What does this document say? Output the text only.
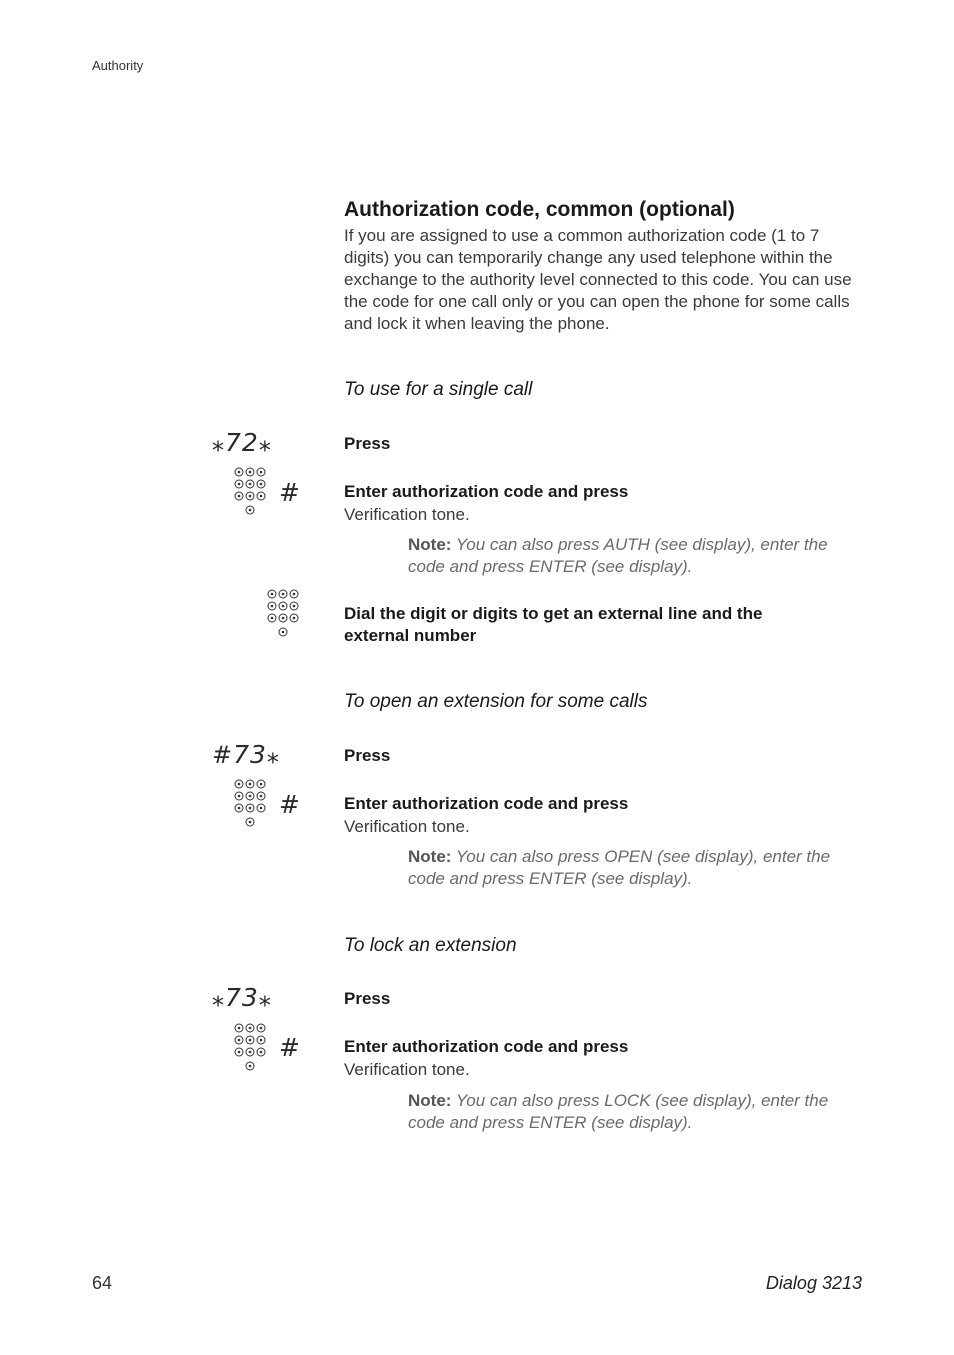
Authority
Authorization code, common (optional)
If you are assigned to use a common authorization code (1 to 7 digits) you can temporarily change any used telephone within the exchange to the authority level connected to this code. You can use the code for one call only or you can open the phone for some calls and lock it when leaving the phone.
To use for a single call
⁎72⁎	Press
#	Enter authorization code and press
Verification tone.
Note: You can also press AUTH (see display), enter the code and press ENTER (see display).
Dial the digit or digits to get an external line and the external number
To open an extension for some calls
#73⁎	Press
#	Enter authorization code and press
Verification tone.
Note: You can also press OPEN (see display), enter the code and press ENTER (see display).
To lock an extension
⁎73⁎	Press
#	Enter authorization code and press
Verification tone.
Note: You can also press LOCK (see display), enter the code and press ENTER (see display).
64	Dialog 3213
